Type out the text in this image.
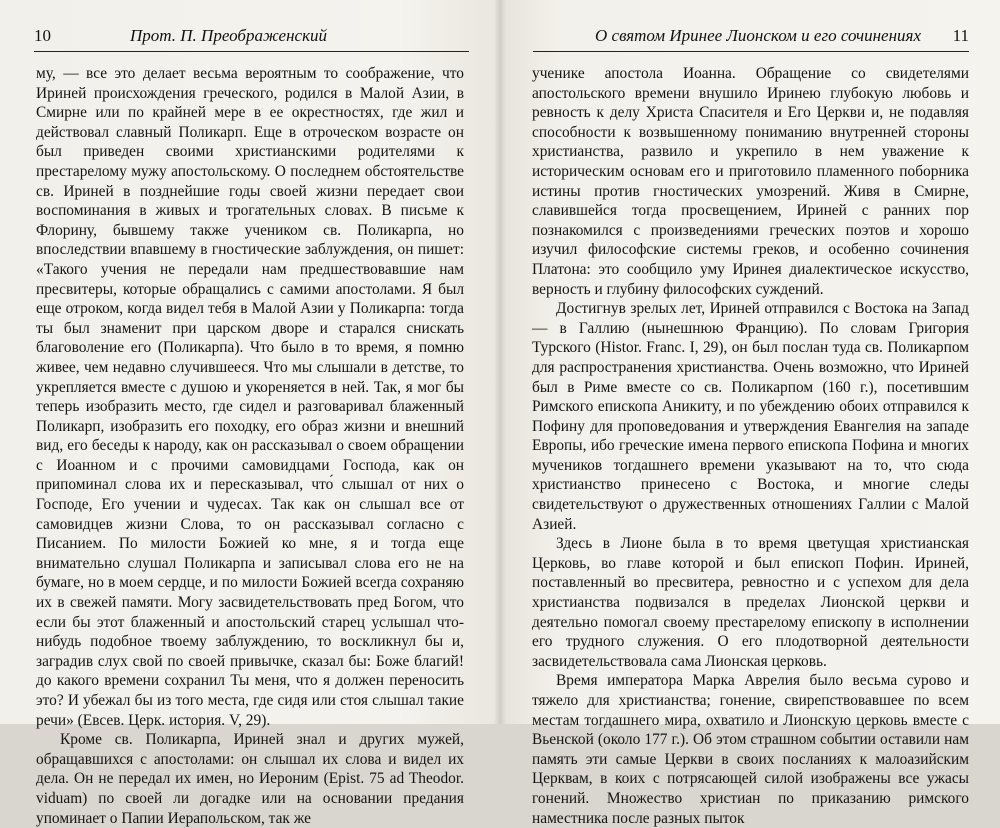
10	Прот. П. Преображенский

му, — все это делает весьма вероятным то соображение, что Ириней происхождения греческого, родился в Малой Азии, в Смирне или по крайней мере в ее окрестностях, где жил и действовал славный Поликарп. Еще в отроческом возрасте он был приведен своими христианскими родителями к престарелому мужу апостольскому. О последнем обстоятельстве св. Ириней в позднейшие годы своей жизни передает свои воспоминания в живых и трогательных словах. В письме к Флорину, бывшему также учеником св. Поликарпа, но впоследствии впавшему в гностические заблуждения, он пишет: «Такого учения не передали нам предшествовавшие нам пресвитеры, которые обращались с самими апостолами. Я был еще отроком, когда видел тебя в Малой Азии у Поликарпа: тогда ты был знаменит при царском дворе и старался снискать благоволение его (Поликарпа). Что было в то время, я помню живее, чем недавно случившееся. Что мы слышали в детстве, то укрепляется вместе с душою и укореняется в ней. Так, я мог бы теперь изобразить место, где сидел и разговаривал блаженный Поликарп, изобразить его походку, его образ жизни и внешний вид, его беседы к народу, как он рассказывал о своем обращении с Иоанном и с прочими самовидцами Господа, как он припоминал слова их и пересказывал, что́ слышал от них о Господе, Его учении и чудесах. Так как он слышал все от самовидцев жизни Слова, то он рассказывал согласно с Писанием. По милости Божией ко мне, я и тогда еще внимательно слушал Поликарпа и записывал слова его не на бумаге, но в моем сердце, и по милости Божией всегда сохраняю их в свежей памяти. Могу засвидетельствовать пред Богом, что если бы этот блаженный и апостольский старец услышал что-нибудь подобное твоему заблуждению, то воскликнул бы и, заградив слух свой по своей привычке, сказал бы: Боже благий! до какого времени сохранил Ты меня, что я должен переносить это? И убежал бы из того места, где сидя или стоя слышал такие речи» (Евсев. Церк. история. V, 29).

Кроме св. Поликарпа, Ириней знал и других мужей, обращавшихся с апостолами: он слышал их слова и видел их дела. Он не передал их имен, но Иероним (Epist. 75 ad Theodor. viduam) по своей ли догадке или на основании предания упоминает о Папии Иерапольском, так же

О святом Иринее Лионском и его сочинениях 11

ученике апостола Иоанна. Обращение со свидетелями апостольского времени внушило Иринею глубокую любовь и ревность к делу Христа Спасителя и Его Церкви и, не подавляя способности к возвышенному пониманию внутренней стороны христианства, развило и укрепило в нем уважение к историческим основам его и приготовило пламенного поборника истины против гностических умозрений. Живя в Смирне, славившейся тогда просвещением, Ириней с ранних пор познакомился с произведениями греческих поэтов и хорошо изучил философские системы греков, и особенно сочинения Платона: это сообщило уму Иринея диалектическое искусство, верность и глубину философских суждений.

Достигнув зрелых лет, Ириней отправился с Востока на Запад — в Галлию (нынешнюю Францию). По словам Григория Турского (Histor. Franc. I, 29), он был послан туда св. Поликарпом для распространения христианства. Очень возможно, что Ириней был в Риме вместе со св. Поликарпом (160 г.), посетившим Римского епископа Аникиту, и по убеждению обоих отправился к Пофину для проповедования и утверждения Евангелия на западе Европы, ибо греческие имена первого епископа Пофина и многих мучеников тогдашнего времени указывают на то, что сюда христианство принесено с Востока, и многие следы свидетельствуют о дружественных отношениях Галлии с Малой Азией.

Здесь в Лионе была в то время цветущая христианская Церковь, во главе которой и был епископ Пофин. Ириней, поставленный во пресвитера, ревностно и с успехом для дела христианства подвизался в пределах Лионской церкви и деятельно помогал своему престарелому епископу в исполнении его трудного служения. О его плодотворной деятельности засвидетельствовала сама Лионская церковь.

Время императора Марка Аврелия было весьма сурово и тяжело для христианства; гонение, свирепствовавшее по всем местам тогдашнего мира, охватило и Лионскую церковь вместе с Вьенской (около 177 г.). Об этом страшном событии оставили нам память эти самые Церкви в своих посланиях к малоазийским Церквам, в коих с потрясающей силой изображены все ужасы гонений. Множество христиан по приказанию римского наместника после разных пыток
